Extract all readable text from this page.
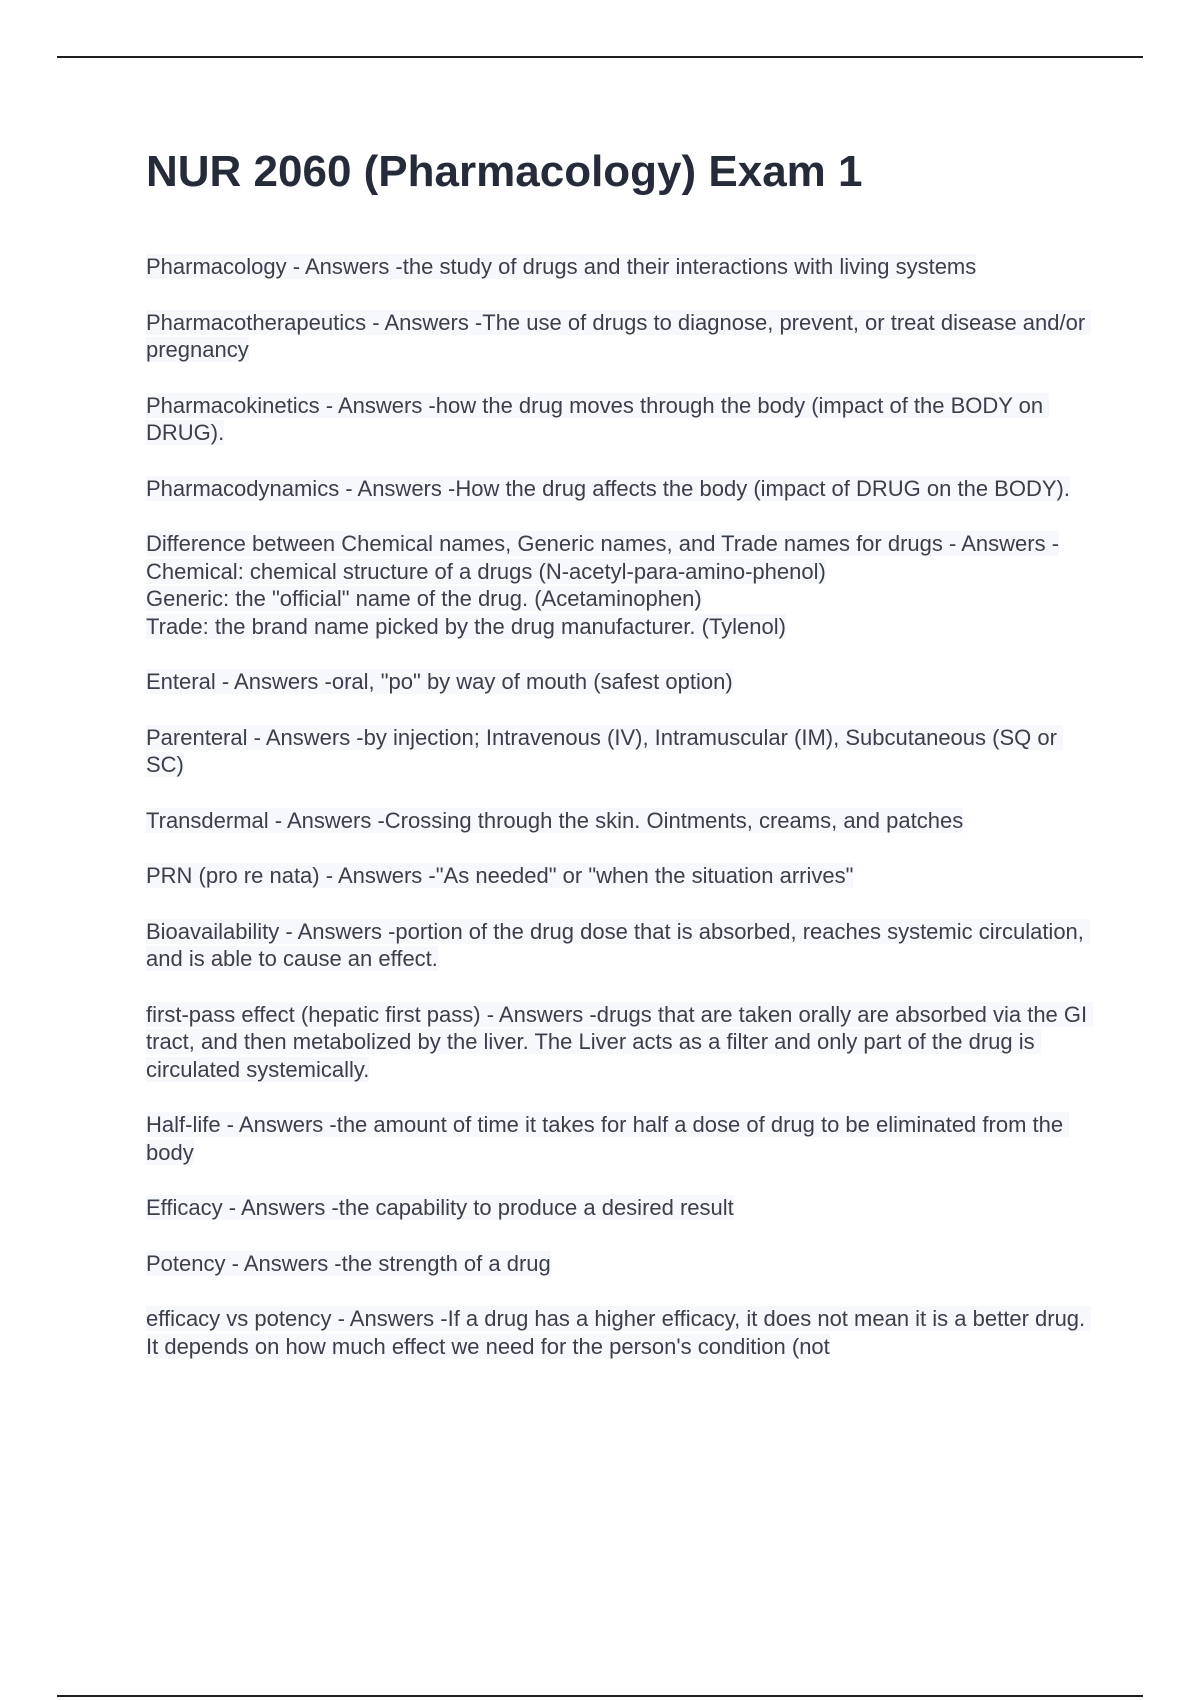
NUR 2060 (Pharmacology) Exam 1
Pharmacology - Answers -the study of drugs and their interactions with living systems
Pharmacotherapeutics - Answers -The use of drugs to diagnose, prevent, or treat disease and/or pregnancy
Pharmacokinetics - Answers -how the drug moves through the body (impact of the BODY on DRUG).
Pharmacodynamics - Answers -How the drug affects the body (impact of DRUG on the BODY).
Difference between Chemical names, Generic names, and Trade names for drugs - Answers -Chemical: chemical structure of a drugs (N-acetyl-para-amino-phenol)
Generic: the "official" name of the drug. (Acetaminophen)
Trade: the brand name picked by the drug manufacturer. (Tylenol)
Enteral - Answers -oral, "po" by way of mouth (safest option)
Parenteral - Answers -by injection; Intravenous (IV), Intramuscular (IM), Subcutaneous (SQ or SC)
Transdermal - Answers -Crossing through the skin. Ointments, creams, and patches
PRN (pro re nata) - Answers -"As needed" or "when the situation arrives"
Bioavailability - Answers -portion of the drug dose that is absorbed, reaches systemic circulation, and is able to cause an effect.
first-pass effect (hepatic first pass) - Answers -drugs that are taken orally are absorbed via the GI tract, and then metabolized by the liver. The Liver acts as a filter and only part of the drug is circulated systemically.
Half-life - Answers -the amount of time it takes for half a dose of drug to be eliminated from the body
Efficacy - Answers -the capability to produce a desired result
Potency - Answers -the strength of a drug
efficacy vs potency - Answers -If a drug has a higher efficacy, it does not mean it is a better drug. It depends on how much effect we need for the person's condition (not
